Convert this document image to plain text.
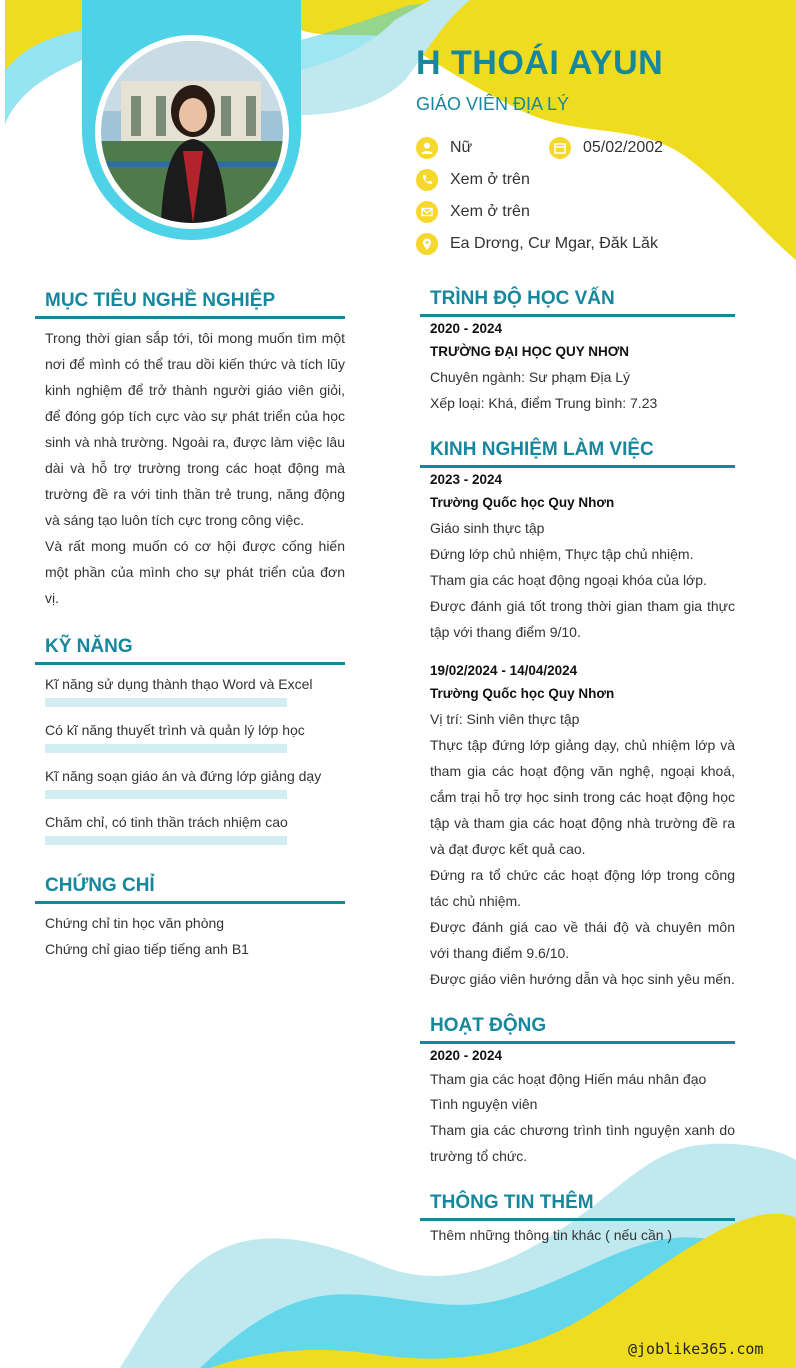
H THOÁI AYUN
GIÁO VIÊN ĐỊA LÝ
Nữ	05/02/2002
Xem ở trên
Xem ở trên
Ea Drơng, Cư Mgar, Đăk Lăk
MỤC TIÊU NGHỀ NGHIỆP
Trong thời gian sắp tới, tôi mong muốn tìm một nơi để mình có thể trau dồi kiến thức và tích lũy kinh nghiệm để trở thành người giáo viên giỏi, để đóng góp tích cực vào sự phát triển của học sinh và nhà trường. Ngoài ra, được làm việc lâu dài và hỗ trợ trường trong các hoạt động mà trường đề ra với tinh thần trẻ trung, năng động và sáng tạo luôn tích cực trong công việc.
Và rất mong muốn có cơ hội được cống hiến một phần của mình cho sự phát triển của đơn vị.
KỸ NĂNG
Kĩ năng sử dụng thành thạo Word và Excel
Có kĩ năng thuyết trình và quản lý lớp học
Kĩ năng soạn giáo án và đứng lớp giảng dạy
Chăm chỉ, có tinh thần trách nhiệm cao
CHỨNG CHỈ
Chứng chỉ tin học văn phòng
Chứng chỉ giao tiếp tiếng anh B1
TRÌNH ĐỘ HỌC VẤN
2020 - 2024
TRƯỜNG ĐẠI HỌC QUY NHƠN
Chuyên ngành: Sư phạm Địa Lý
Xếp loại: Khá, điểm Trung bình: 7.23
KINH NGHIỆM LÀM VIỆC
2023 - 2024
Trường Quốc học Quy Nhơn
Giáo sinh thực tập
Đứng lớp chủ nhiệm, Thực tập chủ nhiệm.
Tham gia các hoạt động ngoại khóa của lớp.
Được đánh giá tốt trong thời gian tham gia thực tập với thang điểm 9/10.
19/02/2024 - 14/04/2024
Trường Quốc học Quy Nhơn
Vị trí: Sinh viên thực tập
Thực tập đứng lớp giảng dạy, chủ nhiệm lớp và tham gia các hoạt động văn nghệ, ngoại khoá, cắm trại hỗ trợ học sinh trong các hoạt động học tập và tham gia các hoạt động nhà trường đề ra và đạt được kết quả cao.
Đứng ra tổ chức các hoạt động lớp trong công tác chủ nhiệm.
Được đánh giá cao về thái độ và chuyên môn với thang điểm 9.6/10.
Được giáo viên hướng dẫn và học sinh yêu mến.
HOẠT ĐỘNG
2020 - 2024
Tham gia các hoạt động Hiến máu nhân đạo
Tình nguyện viên
Tham gia các chương trình tình nguyện xanh do trường tổ chức.
THÔNG TIN THÊM
Thêm những thông tin khác ( nếu cần )
@joblike365.com
